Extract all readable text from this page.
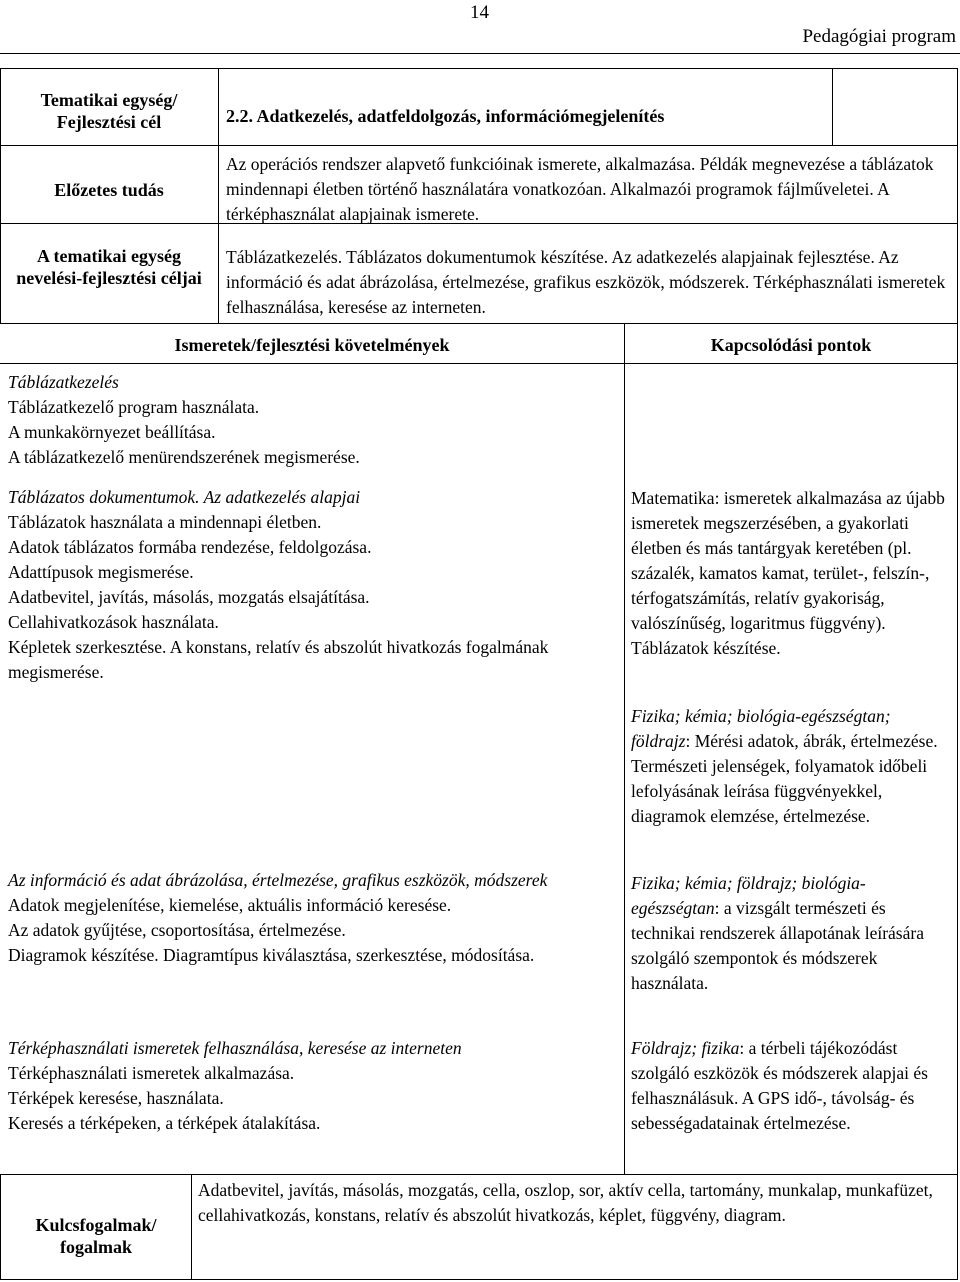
14
Pedagógiai program
Tematikai egység/ Fejlesztési cél
Előzetes tudás
A tematikai egység nevelési-fejlesztési céljai
2.2. Adatkezelés, adatfeldolgozás, információmegjelenítés
Az operációs rendszer alapvető funkcióinak ismerete, alkalmazása. Példák megnevezése a táblázatok mindennapi életben történő használatára vonatkozóan. Alkalmazói programok fájlműveletei. A térképhasználat alapjainak ismerete.
Táblázatkezelés. Táblázatos dokumentumok készítése. Az adatkezelés alapjainak fejlesztése. Az információ és adat ábrázolása, értelmezése, grafikus eszközök, módszerek. Térképhasználati ismeretek felhasználása, keresése az interneten.
Ismeretek/fejlesztési követelmények	Kapcsolódási pontok

Táblázatkezelés

Táblázatkezelő program használata.

A munkakörnyezet beállítása.

A táblázatkezelő menürendszerének megismerése.

Táblázatos dokumentumok. Az adatkezelés alapjai

Táblázatok használata a mindennapi életben.

Adatok táblázatos formába rendezése, feldolgozása.

Adattípusok megismerése.

Adatbevitel, javítás, másolás, mozgatás elsajátítása.

Cellahivatkozások használata.

Képletek szerkesztése. A konstans, relatív és abszolút hivatkozás fogalmának megismerése.

Az információ és adat ábrázolása, értelmezése, grafikus eszközök, módszerek

Adatok megjelenítése, kiemelése, aktuális információ keresése.

Az adatok gyűjtése, csoportosítása, értelmezése.

Diagramok készítése. Diagramtípus kiválasztása, szerkesztése, módosítása.

Térképhasználati ismeretek felhasználása, keresése az interneten

Térképhasználati ismeretek alkalmazása.

Térképek keresése, használata.

Keresés a térképeken, a térképek átalakítása.

Matematika: ismeretek alkalmazása az újabb ismeretek megszerzésében, a gyakorlati életben és más tantárgyak keretében (pl. százalék, kamatos kamat, terület-, felszín-, térfogatszámítás, relatív gyakoriság, valószínűség, logaritmus függvény). Táblázatok készítése.
Fizika; kémia; biológia-egészségtan; földrajz: Mérési adatok, ábrák, értelmezése. Természeti jelenségek, folyamatok időbeli lefolyásának leírása függvényekkel, diagramok elemzése, értelmezése.
Fizika; kémia; földrajz; biológia-egészségtan: a vizsgált természeti és technikai rendszerek állapotának leírására szolgáló szempontok és módszerek használata.
Földrajz; fizika: a térbeli tájékozódást szolgáló eszközök és módszerek alapjai és felhasználásuk. A GPS idő-, távolság- és sebességadatainak értelmezése.
Kulcsfogalmak/ fogalmak
Adatbevitel, javítás, másolás, mozgatás, cella, oszlop, sor, aktív cella, tartomány, munkalap, munkafüzet, cellahivatkozás, konstans, relatív és abszolút hivatkozás, képlet, függvény, diagram.
